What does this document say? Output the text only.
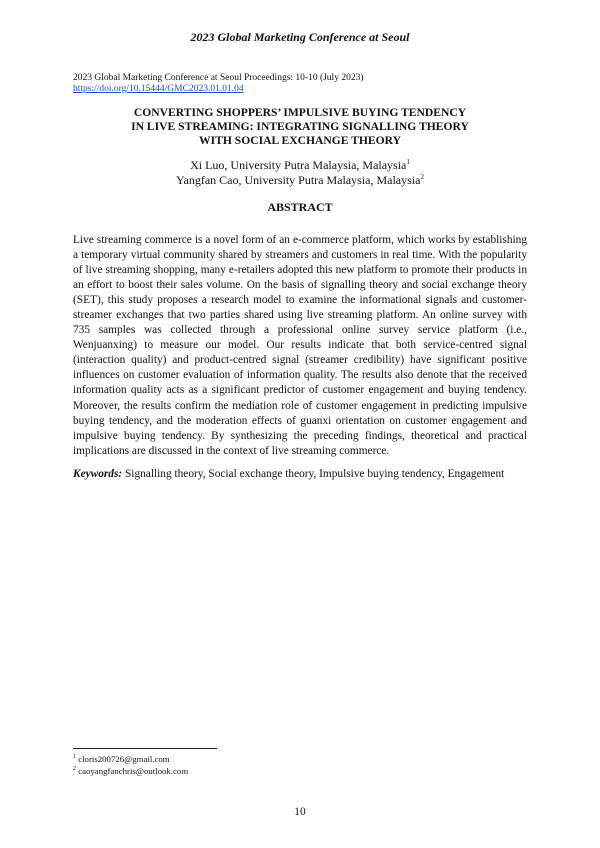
2023 Global Marketing Conference at Seoul
2023 Global Marketing Conference at Seoul Proceedings: 10-10 (July 2023)
https://doi.org/10.15444/GMC2023.01.01.04
CONVERTING SHOPPERS’ IMPULSIVE BUYING TENDENCY
IN LIVE STREAMING: INTEGRATING SIGNALLING THEORY
WITH SOCIAL EXCHANGE THEORY
Xi Luo, University Putra Malaysia, Malaysia$^1$
Yangfan Cao, University Putra Malaysia, Malaysia$^2$
ABSTRACT
Live streaming commerce is a novel form of an e-commerce platform, which works by establishing a temporary virtual community shared by streamers and customers in real time. With the popularity of live streaming shopping, many e-retailers adopted this new platform to promote their products in an effort to boost their sales volume. On the basis of signalling theory and social exchange theory (SET), this study proposes a research model to examine the informational signals and customer-streamer exchanges that two parties shared using live streaming platform. An online survey with 735 samples was collected through a professional online survey service platform (i.e., Wenjuanxing) to measure our model. Our results indicate that both service-centred signal (interaction quality) and product-centred signal (streamer credibility) have significant positive influences on customer evaluation of information quality. The results also denote that the received information quality acts as a significant predictor of customer engagement and buying tendency. Moreover, the results confirm the mediation role of customer engagement in predicting impulsive buying tendency, and the moderation effects of guanxi orientation on customer engagement and impulsive buying tendency. By synthesizing the preceding findings, theoretical and practical implications are discussed in the context of live streaming commerce.
Keywords: Signalling theory, Social exchange theory, Impulsive buying tendency, Engagement
$^1$ cloris200726@gmail.com
$^2$ caoyangfanchris@outlook.com
10
